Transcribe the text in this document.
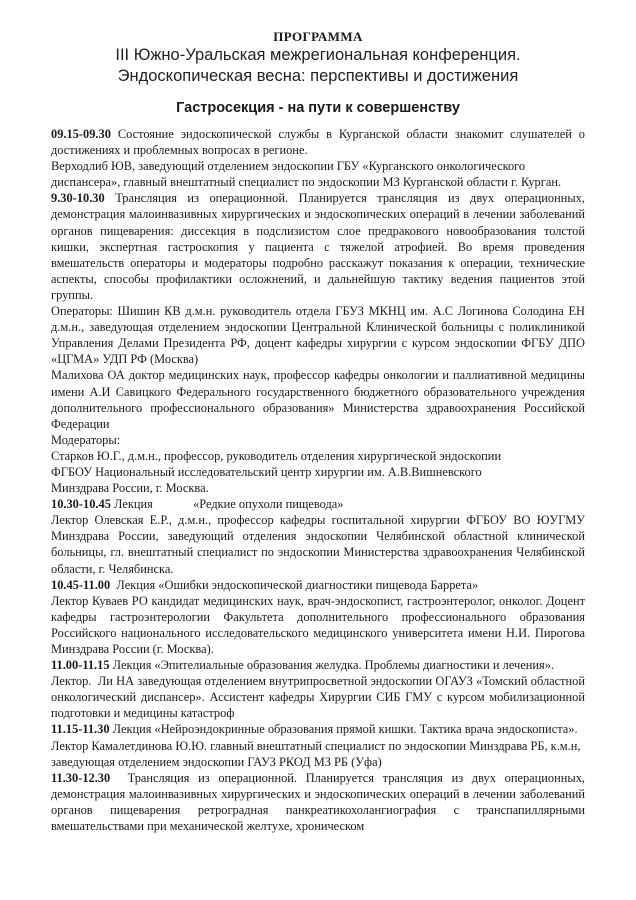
ПРОГРАММА
III Южно-Уральская межрегиональная конференция.
Эндоскопическая весна: перспективы и достижения
Гастросекция - на пути к совершенству

09.15-09.30 Состояние эндоскопической службы в Курганской области знакомит слушателей о достижениях и проблемных вопросах в регионе.

Верходлиб ЮВ, заведующий отделением эндоскопии ГБУ «Курганского онкологического диспансера», главный внештатный специалист по эндоскопии МЗ Курганской области г. Курган.

9.30-10.30 Трансляция из операционной. Планируется трансляция из двух операционных, демонстрация малоинвазивных хирургических и эндоскопических операций в лечении заболеваний органов пищеварения: диссекция в подслизистом слое предракового новообразования толстой кишки, экспертная гастроскопия у пациента с тяжелой атрофией. Во время проведения вмешательств операторы и модераторы подробно расскажут показания к операции, технические аспекты, способы профилактики осложнений, и дальнейшую тактику ведения пациентов этой группы.

Операторы: Шишин КВ д.м.н. руководитель отдела ГБУЗ МКНЦ им. А.С Логинова Солодина ЕН д.м.н., заведующая отделением эндоскопии Центральной Клинической больницы с поликлиникой Управления Делами Президента РФ, доцент кафедры хирургии с курсом эндоскопии ФГБУ ДПО «ЦГМА» УДП РФ (Москва)

Малихова ОА доктор медицинских наук, профессор кафедры онкологии и паллиативной медицины имени А.И Савицкого Федерального государственного бюджетного образовательного учреждения дополнительного профессионального образования» Министерства здравоохранения Российской Федерации

Модераторы:

Старков Ю.Г., д.м.н., профессор, руководитель отделения хирургической эндоскопии

ФГБОУ Национальный исследовательский центр хирургии им. А.В.Вишневского

Минздрава России, г. Москва.

10.30-10.45 Лекция             «Редкие опухоли пищевода»

Лектор Олевская Е.Р., д.м.н., профессор кафедры госпитальной хирургии ФГБОУ ВО ЮУГМУ Минздрава России, заведующий отделения эндоскопии Челябинской областной клинической больницы, гл. внештатный специалист по эндоскопии Министерства здравоохранения Челябинской области, г. Челябинска.

10.45-11.00  Лекция «Ошибки эндоскопической диагностики пищевода Баррета»

Лектор Куваев РО кандидат медицинских наук, врач-эндоскопист, гастроэнтеролог, онколог. Доцент кафедры гастроэнтерологии Факультета дополнительного профессионального образования Российского национального исследовательского медицинского университета имени Н.И. Пирогова Минздрава России (г. Москва).

11.00-11.15 Лекция «Эпителиальные образования желудка. Проблемы диагностики и лечения».

Лектор.  Ли НА заведующая отделением внутрипросветной эндоскопии ОГАУЗ «Томский областной онкологический диспансер». Ассистент кафедры Хирургии СИБ ГМУ с курсом мобилизационной подготовки и медицины катастроф

11.15-11.30 Лекция «Нейроэндокринные образования прямой кишки. Тактика врача эндоскописта».

Лектор Камалетдинова Ю.Ю. главный внештатный специалист по эндоскопии Минздрава РБ, к.м.н, заведующая отделением эндоскопии ГАУЗ РКОД МЗ РБ (Уфа)

11.30-12.30  Трансляция из операционной. Планируется трансляция из двух операционных, демонстрация малоинвазивных хирургических и эндоскопических операций в лечении заболеваний органов пищеварения ретроградная панкреатикохолангиография с транспапиллярными вмешательствами при механической желтухе, хроническом
